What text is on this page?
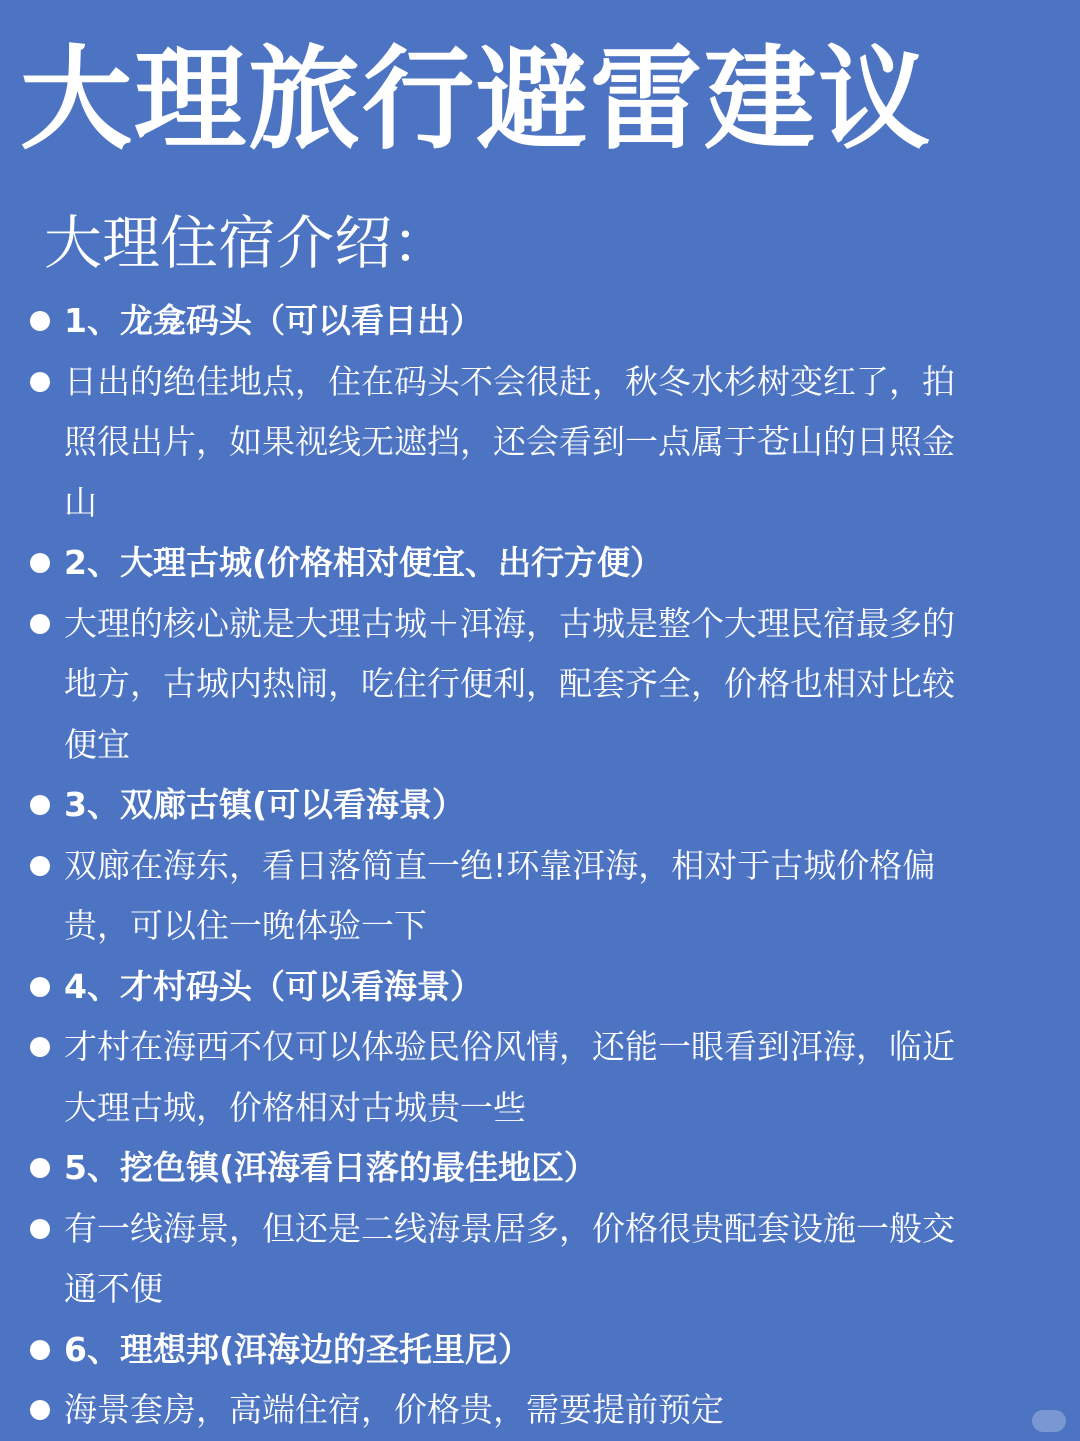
大理旅行避雷建议
大理住宿介绍：
1、龙龛码头（可以看日出）
日出的绝佳地点，住在码头不会很赶，秋冬水杉树变红了，拍
照很出片，如果视线无遮挡，还会看到一点属于苍山的日照金
山
2、大理古城(价格相对便宜、出行方便）
大理的核心就是大理古城＋洱海，古城是整个大理民宿最多的
地方，古城内热闹，吃住行便利，配套齐全，价格也相对比较
便宜
3、双廊古镇(可以看海景）
双廊在海东，看日落简直一绝!环靠洱海，相对于古城价格偏
贵，可以住一晚体验一下
4、才村码头（可以看海景）
才村在海西不仅可以体验民俗风情，还能一眼看到洱海，临近
大理古城，价格相对古城贵一些
5、挖色镇(洱海看日落的最佳地区）
有一线海景，但还是二线海景居多，价格很贵配套设施一般交
通不便
6、理想邦(洱海边的圣托里尼）
海景套房，高端住宿，价格贵，需要提前预定
